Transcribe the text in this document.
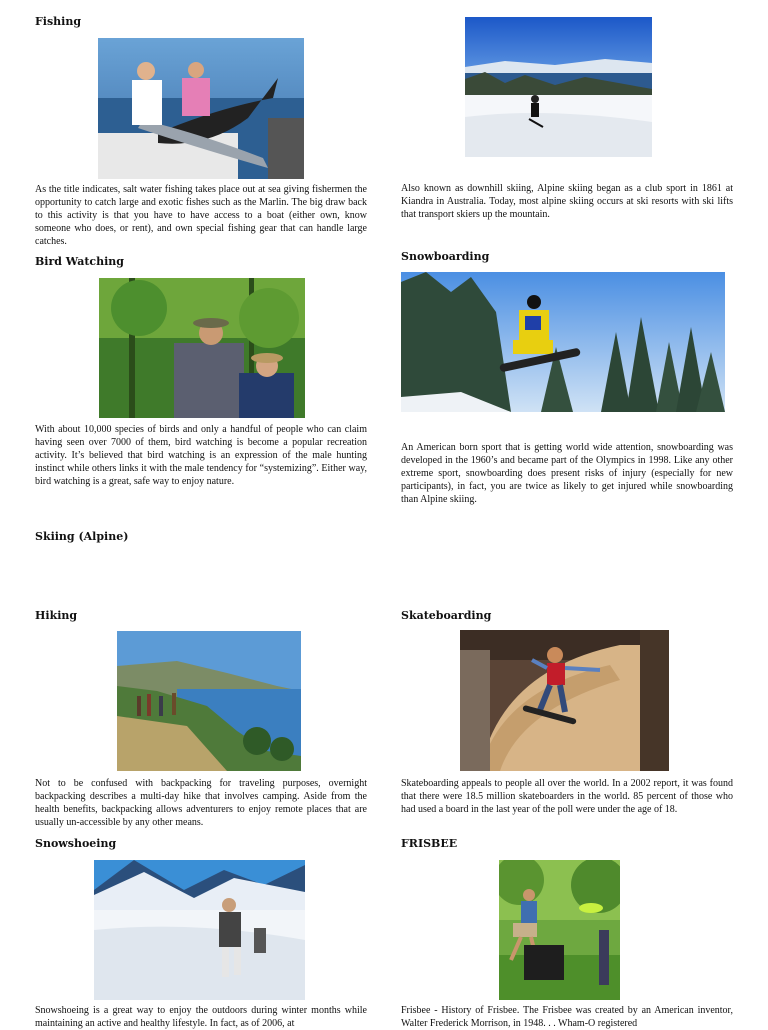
Fishing

As the title indicates, salt water fishing takes place out at sea giving fishermen the opportunity to catch large and exotic fishes such as the Marlin. The big draw back to this activity is that you have to have access to a boat (either own, know someone who does, or rent), and own special fishing gear that can handle large catches.

Bird Watching

With about 10,000 species of birds and only a handful of people who can claim having seen over 7000 of them, bird watching is become a popular recreation activity. It’s believed that bird watching is an expression of the male hunting instinct while others links it with the male tendency for “systemizing”. Either way, bird watching is a great, safe way to enjoy nature.

Skiing (Alpine)
Hiking

Not to be confused with backpacking for traveling purposes, overnight backpacking describes a multi-day hike that involves camping. Aside from the health benefits, backpacking allows adventurers to enjoy remote places that are usually un-accessible by any other means.

Snowshoeing

Snowshoeing is a great way to enjoy the outdoors during winter months while maintaining an active and healthy lifestyle. In fact, as of 2006, at

Also known as downhill skiing, Alpine skiing began as a club sport in 1861 at Kiandra in Australia. Today, most alpine skiing occurs at ski resorts with ski lifts that transport skiers up the mountain.

Snowboarding

An American born sport that is getting world wide attention, snowboarding was developed in the 1960’s and became part of the Olympics in 1998. Like any other extreme sport, snowboarding does present risks of injury (especially for new participants), in fact, you are twice as likely to get injured while snowboarding than Alpine skiing.

Skateboarding

Skateboarding appeals to people all over the world. In a 2002 report, it was found that there were 18.5 million skateboarders in the world. 85 percent of those who had used a board in the last year of the poll were under the age of 18.

FRISBEE

Frisbee - History of Frisbee. The Frisbee was created by an American inventor, Walter Frederick Morrison, in 1948. . . Wham-O registered
